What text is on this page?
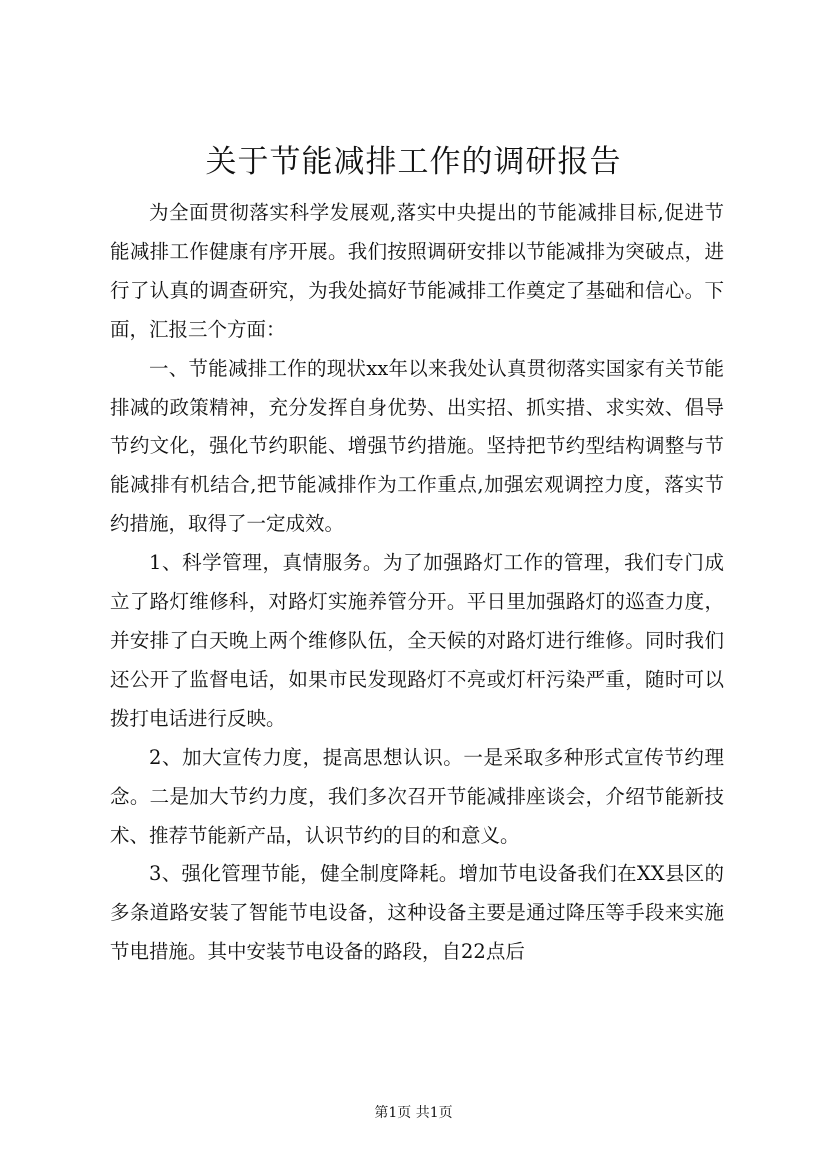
关于节能减排工作的调研报告

为全面贯彻落实科学发展观,落实中央提出的节能减排目标,促进节能减排工作健康有序开展。我们按照调研安排以节能减排为突破点，进行了认真的调查研究，为我处搞好节能减排工作奠定了基础和信心。下面，汇报三个方面：

一、节能减排工作的现状xx年以来我处认真贯彻落实国家有关节能排减的政策精神，充分发挥自身优势、出实招、抓实措、求实效、倡导节约文化，强化节约职能、增强节约措施。坚持把节约型结构调整与节能减排有机结合,把节能减排作为工作重点,加强宏观调控力度，落实节约措施，取得了一定成效。

1、科学管理，真情服务。为了加强路灯工作的管理，我们专门成立了路灯维修科，对路灯实施养管分开。平日里加强路灯的巡查力度，并安排了白天晚上两个维修队伍，全天候的对路灯进行维修。同时我们还公开了监督电话，如果市民发现路灯不亮或灯杆污染严重，随时可以拨打电话进行反映。

2、加大宣传力度，提高思想认识。一是采取多种形式宣传节约理念。二是加大节约力度，我们多次召开节能减排座谈会，介绍节能新技术、推荐节能新产品，认识节约的目的和意义。

3、强化管理节能，健全制度降耗。增加节电设备我们在XX县区的多条道路安装了智能节电设备，这种设备主要是通过降压等手段来实施节电措施。其中安装节电设备的路段，自22点后

第1页 共1页
